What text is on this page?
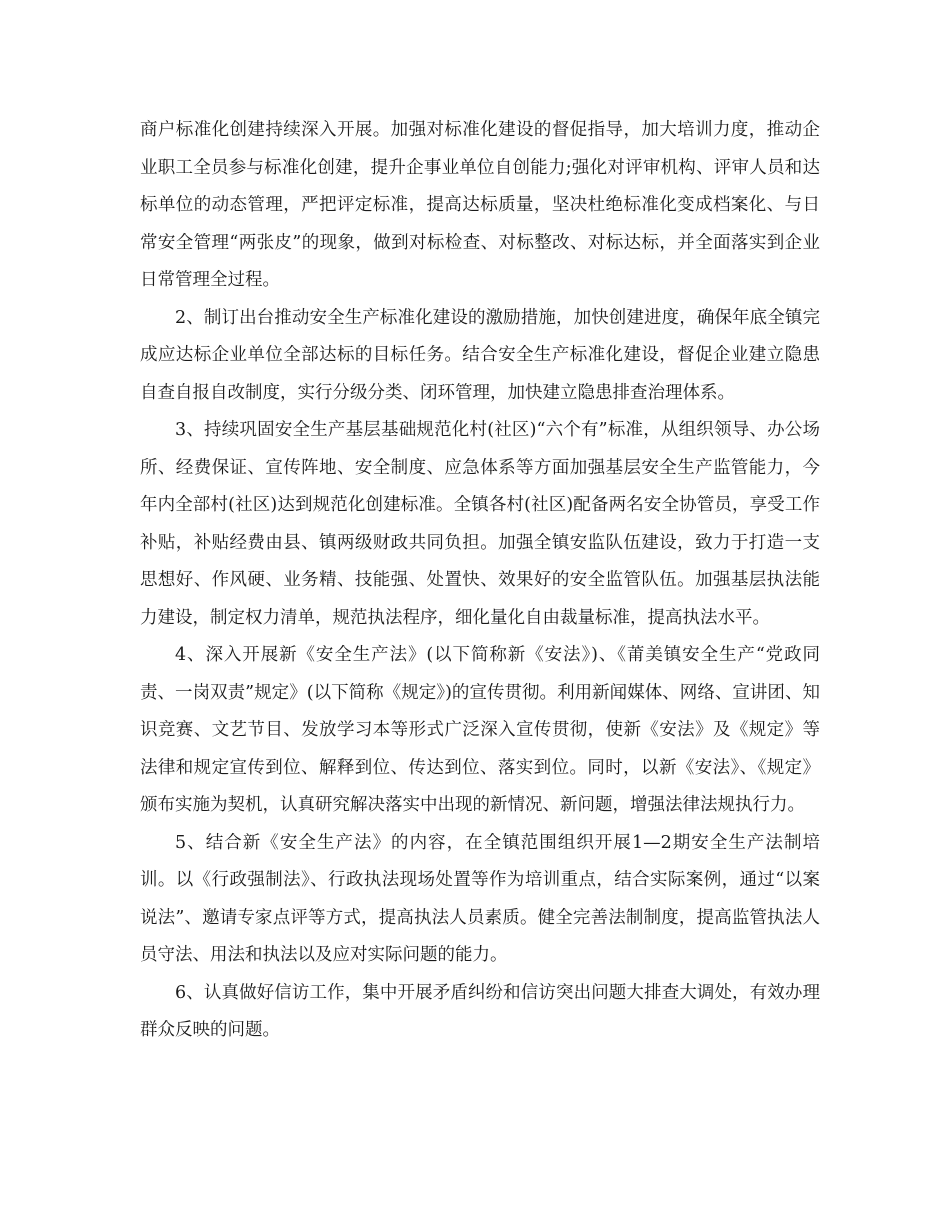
商户标准化创建持续深入开展。加强对标准化建设的督促指导，加大培训力度，推动企业职工全员参与标准化创建，提升企事业单位自创能力;强化对评审机构、评审人员和达标单位的动态管理，严把评定标准，提高达标质量，坚决杜绝标准化变成档案化、与日常安全管理“两张皮”的现象，做到对标检查、对标整改、对标达标，并全面落实到企业日常管理全过程。

2、制订出台推动安全生产标准化建设的激励措施，加快创建进度，确保年底全镇完成应达标企业单位全部达标的目标任务。结合安全生产标准化建设，督促企业建立隐患自查自报自改制度，实行分级分类、闭环管理，加快建立隐患排查治理体系。

3、持续巩固安全生产基层基础规范化村(社区)“六个有”标准，从组织领导、办公场所、经费保证、宣传阵地、安全制度、应急体系等方面加强基层安全生产监管能力，今年内全部村(社区)达到规范化创建标准。全镇各村(社区)配备两名安全协管员，享受工作补贴，补贴经费由县、镇两级财政共同负担。加强全镇安监队伍建设，致力于打造一支思想好、作风硬、业务精、技能强、处置快、效果好的安全监管队伍。加强基层执法能力建设，制定权力清单，规范执法程序，细化量化自由裁量标准，提高执法水平。

4、深入开展新《安全生产法》(以下简称新《安法》)、《莆美镇安全生产“党政同责、一岗双责”规定》(以下简称《规定》)的宣传贯彻。利用新闻媒体、网络、宣讲团、知识竞赛、文艺节目、发放学习本等形式广泛深入宣传贯彻，使新《安法》及《规定》等法律和规定宣传到位、解释到位、传达到位、落实到位。同时，以新《安法》、《规定》颁布实施为契机，认真研究解决落实中出现的新情况、新问题，增强法律法规执行力。

5、结合新《安全生产法》的内容，在全镇范围组织开展1—2期安全生产法制培训。以《行政强制法》、行政执法现场处置等作为培训重点，结合实际案例，通过“以案说法”、邀请专家点评等方式，提高执法人员素质。健全完善法制制度，提高监管执法人员守法、用法和执法以及应对实际问题的能力。

6、认真做好信访工作，集中开展矛盾纠纷和信访突出问题大排查大调处，有效办理群众反映的问题。
